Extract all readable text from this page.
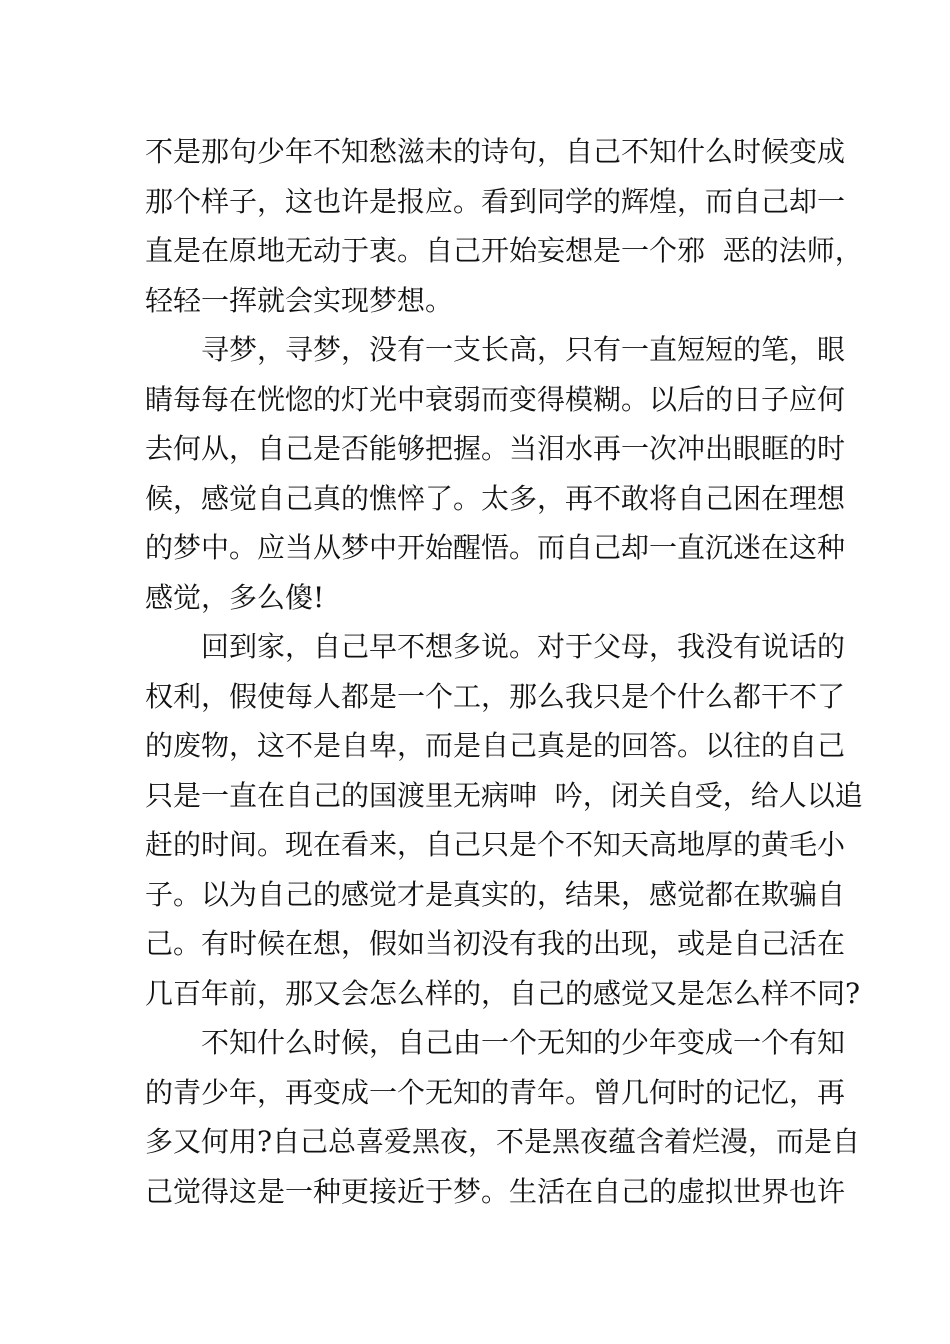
不是那句少年不知愁滋未的诗句，自己不知什么时候变成
那个样子，这也许是报应。看到同学的辉煌，而自己却一
直是在原地无动于衷。自己开始妄想是一个邪  恶的法师，
轻轻一挥就会实现梦想。
寻梦，寻梦，没有一支长高，只有一直短短的笔，眼
睛每每在恍惚的灯光中衰弱而变得模糊。以后的日子应何
去何从，自己是否能够把握。当泪水再一次冲出眼眶的时
候，感觉自己真的憔悴了。太多，再不敢将自己困在理想
的梦中。应当从梦中开始醒悟。而自己却一直沉迷在这种
感觉，多么傻!
回到家，自己早不想多说。对于父母，我没有说话的
权利，假使每人都是一个工，那么我只是个什么都干不了
的废物，这不是自卑，而是自己真是的回答。以往的自己
只是一直在自己的国渡里无病呻  吟，闭关自受，给人以追
赶的时间。现在看来，自己只是个不知天高地厚的黄毛小
子。以为自己的感觉才是真实的，结果，感觉都在欺骗自
己。有时候在想，假如当初没有我的出现，或是自己活在
几百年前，那又会怎么样的，自己的感觉又是怎么样不同?
不知什么时候，自己由一个无知的少年变成一个有知
的青少年，再变成一个无知的青年。曾几何时的记忆，再
多又何用?自己总喜爱黑夜，不是黑夜蕴含着烂漫，而是自
己觉得这是一种更接近于梦。生活在自己的虚拟世界也许
